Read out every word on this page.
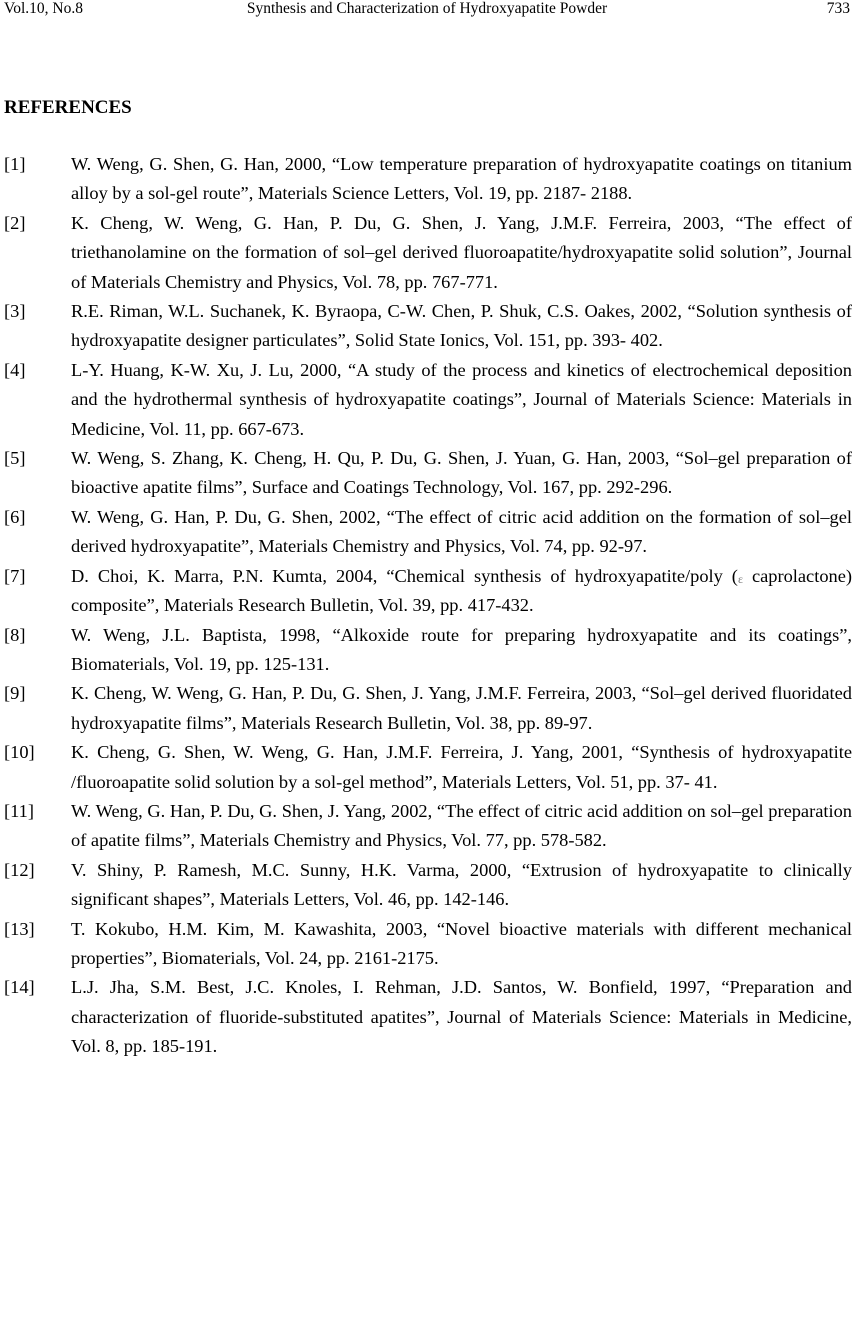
Vol.10, No.8	Synthesis and Characterization of Hydroxyapatite Powder	733
REFERENCES
[1] W. Weng, G. Shen, G. Han, 2000, “Low temperature preparation of hydroxyapatite coatings on titanium alloy by a sol-gel route”, Materials Science Letters, Vol. 19, pp. 2187- 2188.
[2] K. Cheng, W. Weng, G. Han, P. Du, G. Shen, J. Yang, J.M.F. Ferreira, 2003, “The effect of triethanolamine on the formation of sol–gel derived fluoroapatite/hydroxyapatite solid solution”, Journal of Materials Chemistry and Physics, Vol. 78, pp. 767-771.
[3] R.E. Riman, W.L. Suchanek, K. Byraopa, C-W. Chen, P. Shuk, C.S. Oakes, 2002, “Solution synthesis of hydroxyapatite designer particulates”, Solid State Ionics, Vol. 151, pp. 393- 402.
[4] L-Y. Huang, K-W. Xu, J. Lu, 2000, “A study of the process and kinetics of electrochemical deposition and the hydrothermal synthesis of hydroxyapatite coatings”, Journal of Materials Science: Materials in Medicine, Vol. 11, pp. 667-673.
[5] W. Weng, S. Zhang, K. Cheng, H. Qu, P. Du, G. Shen, J. Yuan, G. Han, 2003, “Sol–gel preparation of bioactive apatite films”, Surface and Coatings Technology, Vol. 167, pp. 292-296.
[6] W. Weng, G. Han, P. Du, G. Shen, 2002, “The effect of citric acid addition on the formation of sol–gel derived hydroxyapatite”, Materials Chemistry and Physics, Vol. 74, pp. 92-97.
[7] D. Choi, K. Marra, P.N. Kumta, 2004, “Chemical synthesis of hydroxyapatite/poly (ε caprolactone) composite”, Materials Research Bulletin, Vol. 39, pp. 417-432.
[8] W. Weng, J.L. Baptista, 1998, “Alkoxide route for preparing hydroxyapatite and its coatings”, Biomaterials, Vol. 19, pp. 125-131.
[9] K. Cheng, W. Weng, G. Han, P. Du, G. Shen, J. Yang, J.M.F. Ferreira, 2003, “Sol–gel derived fluoridated hydroxyapatite films”, Materials Research Bulletin, Vol. 38, pp. 89-97.
[10] K. Cheng, G. Shen, W. Weng, G. Han, J.M.F. Ferreira, J. Yang, 2001, “Synthesis of hydroxyapatite /fluoroapatite solid solution by a sol-gel method”, Materials Letters, Vol. 51, pp. 37- 41.
[11] W. Weng, G. Han, P. Du, G. Shen, J. Yang, 2002, “The effect of citric acid addition on sol–gel preparation of apatite films”, Materials Chemistry and Physics, Vol. 77, pp. 578-582.
[12] V. Shiny, P. Ramesh, M.C. Sunny, H.K. Varma, 2000, “Extrusion of hydroxyapatite to clinically significant shapes”, Materials Letters, Vol. 46, pp. 142-146.
[13] T. Kokubo, H.M. Kim, M. Kawashita, 2003, “Novel bioactive materials with different mechanical properties”, Biomaterials, Vol. 24, pp. 2161-2175.
[14] L.J. Jha, S.M. Best, J.C. Knoles, I. Rehman, J.D. Santos, W. Bonfield, 1997, “Preparation and characterization of fluoride-substituted apatites”, Journal of Materials Science: Materials in Medicine, Vol. 8, pp. 185-191.
